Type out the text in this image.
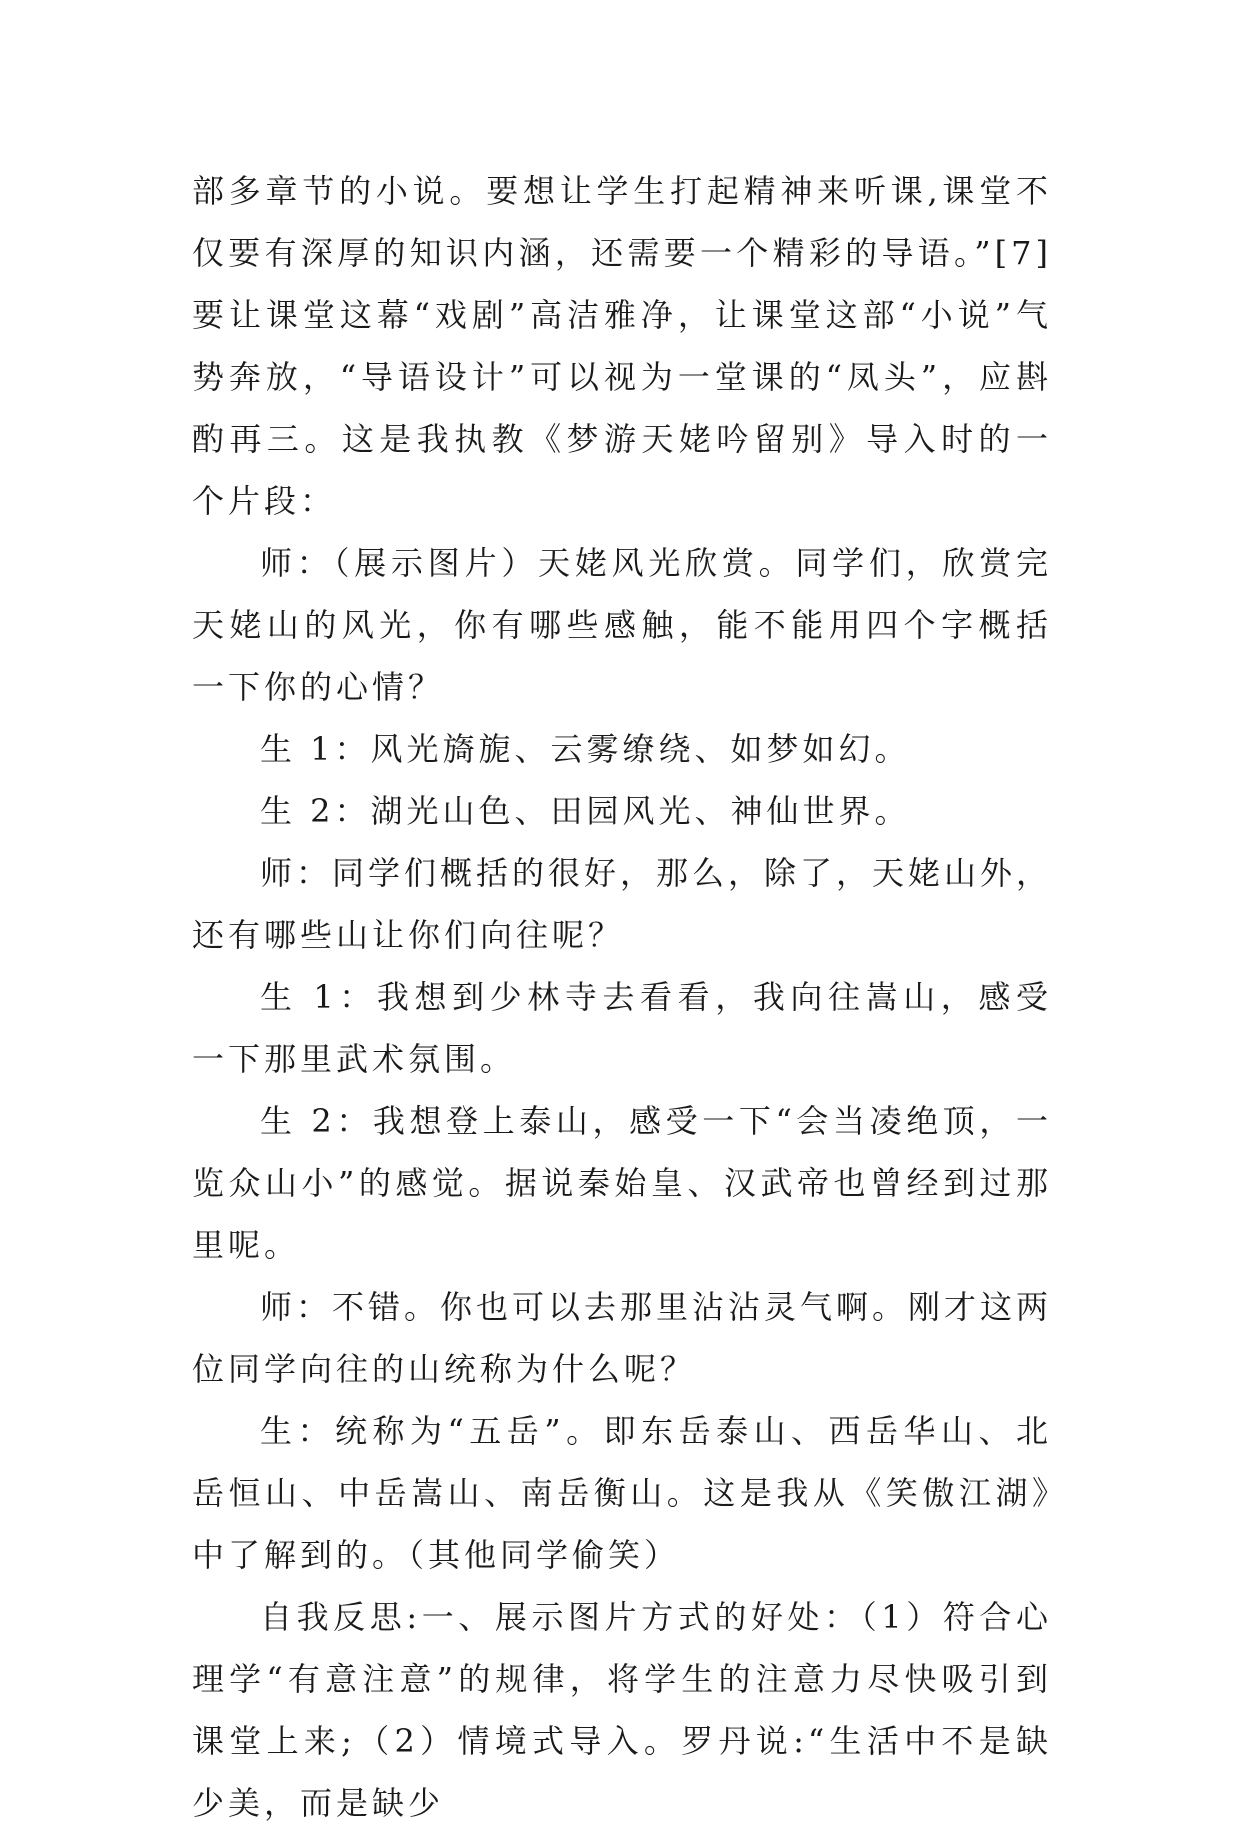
部多章节的小说。要想让学生打起精神来听课,课堂不仅要有深厚的知识内涵，还需要一个精彩的导语。”[7]要让课堂这幕“戏剧”高洁雅净，让课堂这部“小说”气势奔放，“导语设计”可以视为一堂课的“凤头”，应斟酌再三。这是我执教《梦游天姥吟留别》导入时的一个片段：

师：（展示图片）天姥风光欣赏。同学们，欣赏完天姥山的风光，你有哪些感触，能不能用四个字概括一下你的心情？

生 1：风光旖旎、云雾缭绕、如梦如幻。

生 2：湖光山色、田园风光、神仙世界。

师：同学们概括的很好，那么，除了，天姥山外，还有哪些山让你们向往呢？

生 1：我想到少林寺去看看，我向往嵩山，感受一下那里武术氛围。

生 2：我想登上泰山，感受一下“会当凌绝顶，一览众山小”的感觉。据说秦始皇、汉武帝也曾经到过那里呢。

师：不错。你也可以去那里沾沾灵气啊。刚才这两位同学向往的山统称为什么呢？

生：统称为“五岳”。即东岳泰山、西岳华山、北岳恒山、中岳嵩山、南岳衡山。这是我从《笑傲江湖》中了解到的。（其他同学偷笑）

自我反思:一、展示图片方式的好处：（1）符合心理学“有意注意”的规律，将学生的注意力尽快吸引到课堂上来;（2）情境式导入。罗丹说:“生活中不是缺少美，而是缺少
